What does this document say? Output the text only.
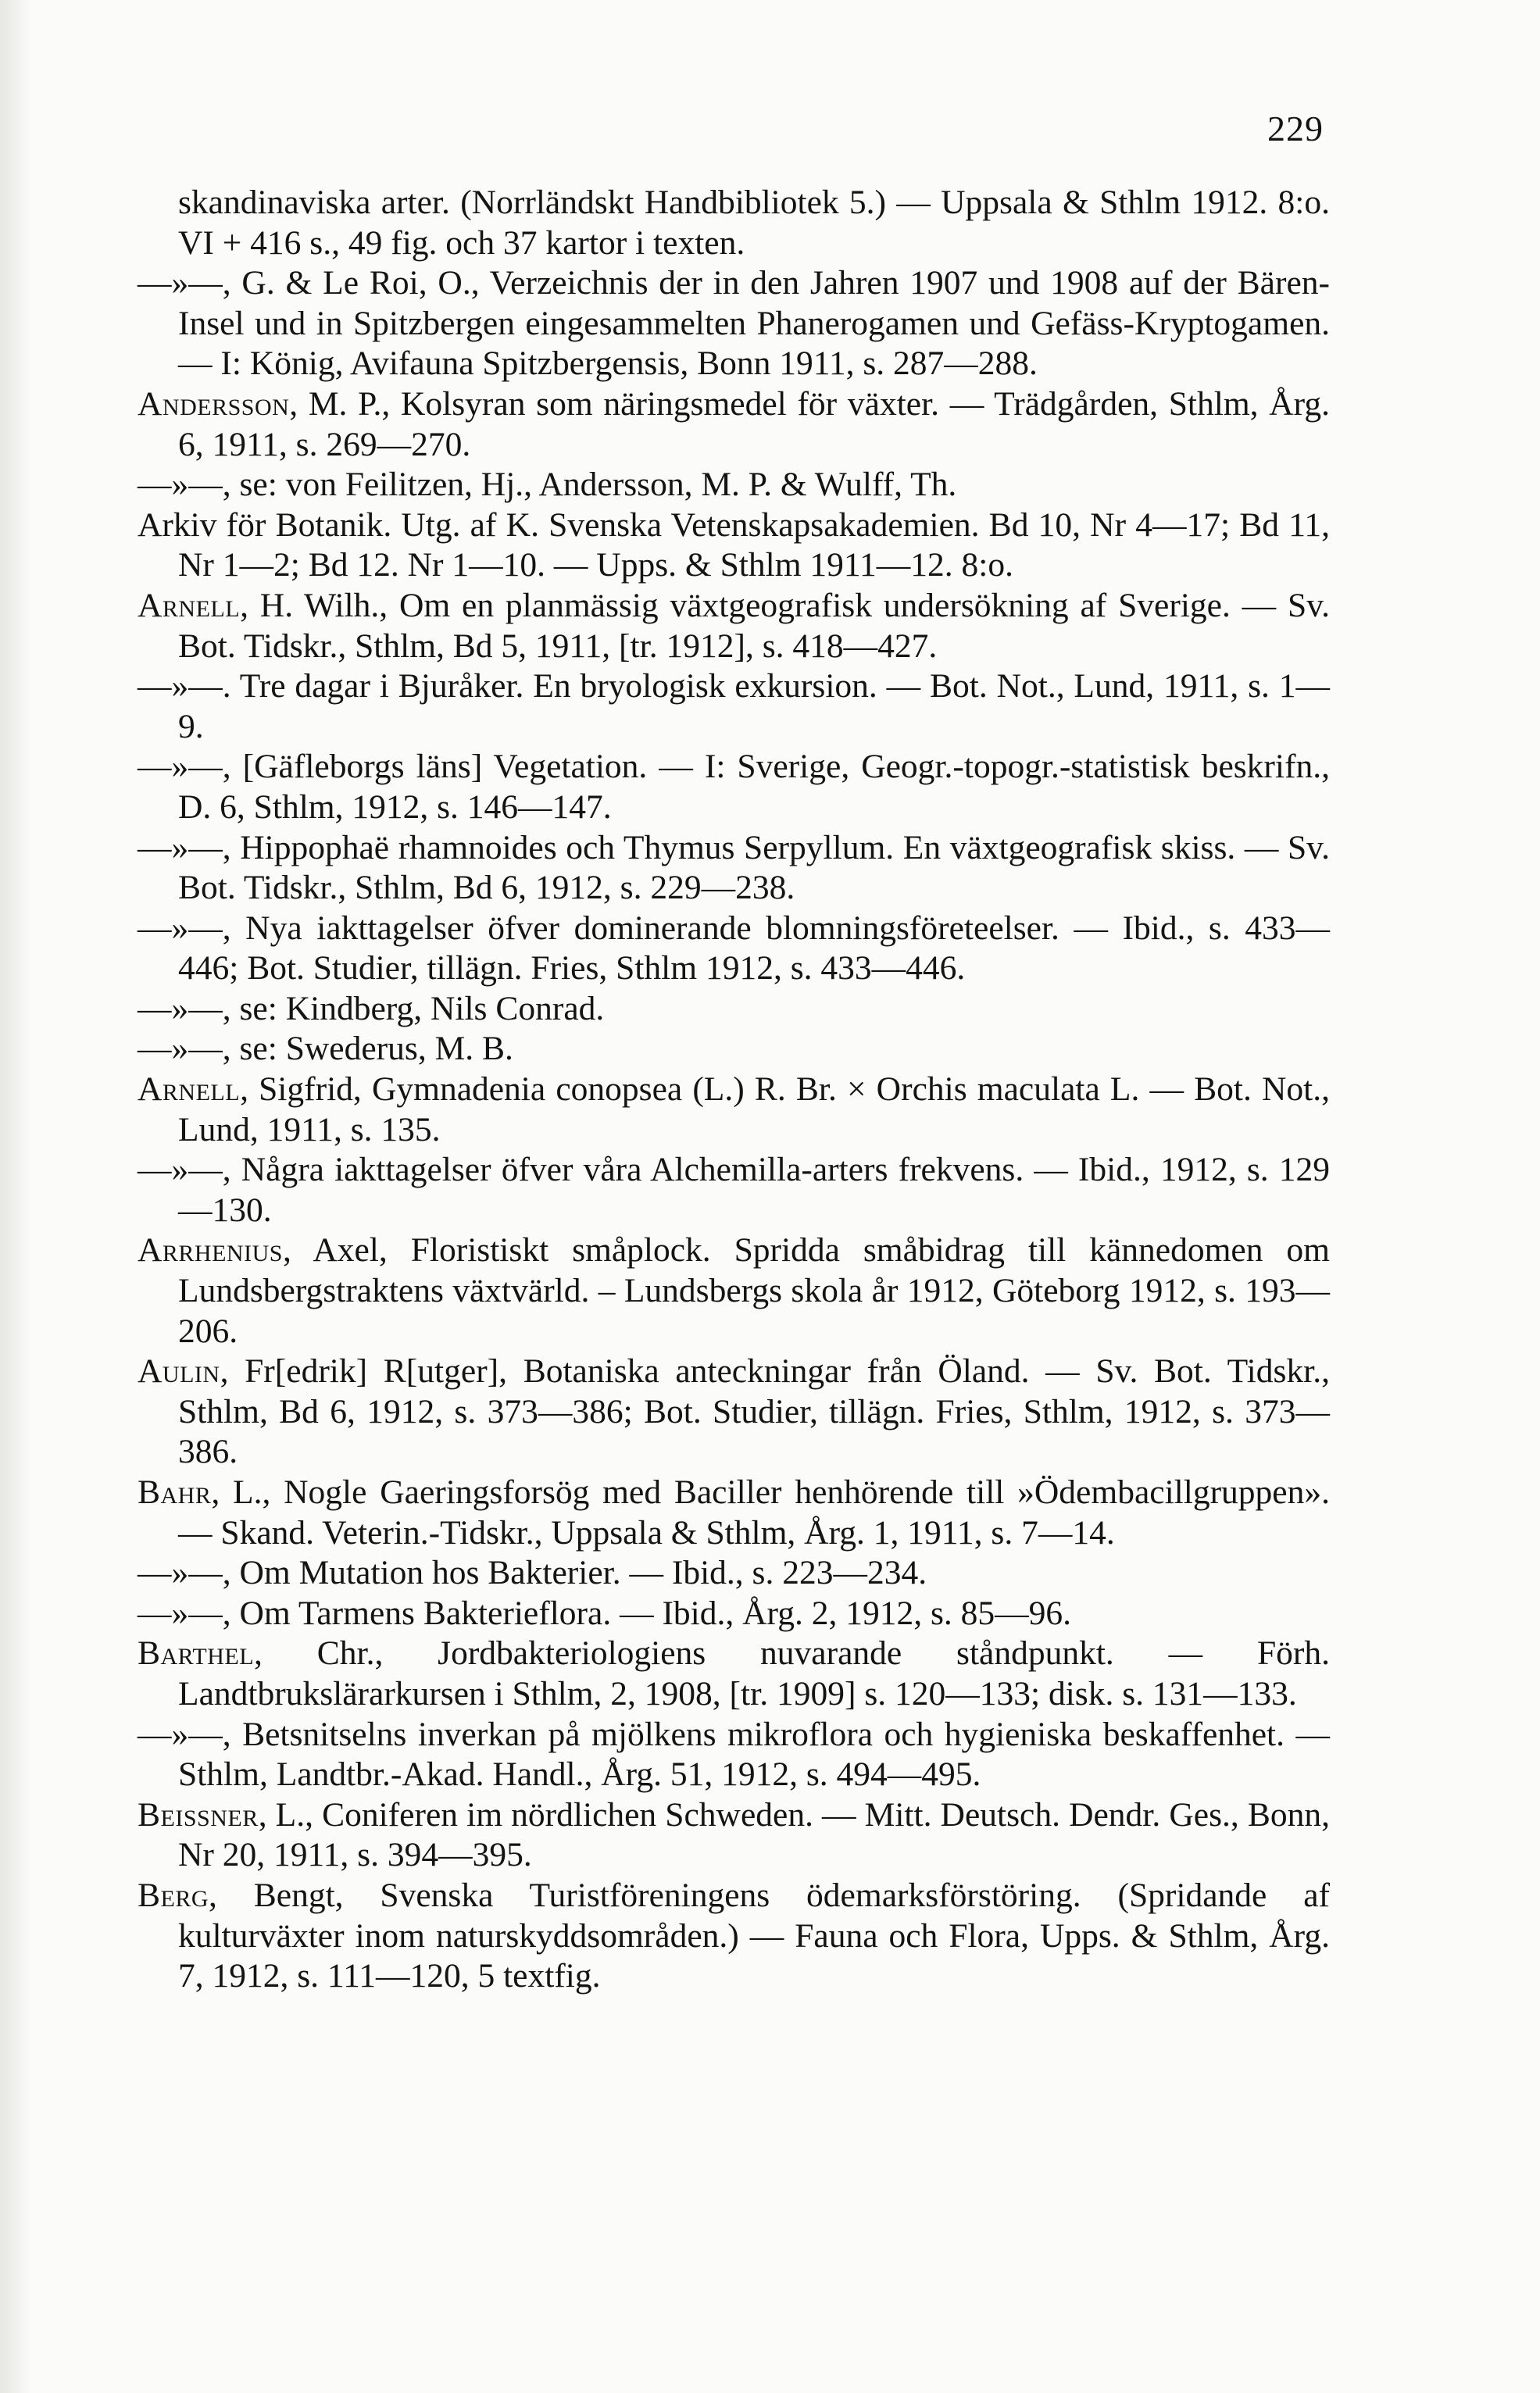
229

skandinaviska arter. (Norrländskt Handbibliotek 5.) — Uppsala & Sthlm 1912. 8:o. VI + 416 s., 49 fig. och 37 kartor i texten.

—»—, G. & Le Roi, O., Verzeichnis der in den Jahren 1907 und 1908 auf der Bären-Insel und in Spitzbergen eingesammelten Phanerogamen und Gefäss-Kryptogamen. — I: König, Avifauna Spitzbergensis, Bonn 1911, s. 287—288.

Andersson, M. P., Kolsyran som näringsmedel för växter. — Trädgården, Sthlm, Årg. 6, 1911, s. 269—270.

—»—, se: von Feilitzen, Hj., Andersson, M. P. & Wulff, Th.

Arkiv för Botanik. Utg. af K. Svenska Vetenskapsakademien. Bd 10, Nr 4—17; Bd 11, Nr 1—2; Bd 12. Nr 1—10. — Upps. & Sthlm 1911—12. 8:o.

Arnell, H. Wilh., Om en planmässig växtgeografisk undersökning af Sverige. — Sv. Bot. Tidskr., Sthlm, Bd 5, 1911, [tr. 1912], s. 418—427.

—»—. Tre dagar i Bjuråker. En bryologisk exkursion. — Bot. Not., Lund, 1911, s. 1—9.

—»—, [Gäfleborgs läns] Vegetation. — I: Sverige, Geogr.-topogr.-statistisk beskrifn., D. 6, Sthlm, 1912, s. 146—147.

—»—, Hippophaë rhamnoides och Thymus Serpyllum. En växtgeografisk skiss. — Sv. Bot. Tidskr., Sthlm, Bd 6, 1912, s. 229—238.

—»—, Nya iakttagelser öfver dominerande blomningsföreteelser. — Ibid., s. 433—446; Bot. Studier, tillägn. Fries, Sthlm 1912, s. 433—446.

—»—, se: Kindberg, Nils Conrad.

—»—, se: Swederus, M. B.

Arnell, Sigfrid, Gymnadenia conopsea (L.) R. Br. × Orchis maculata L. — Bot. Not., Lund, 1911, s. 135.

—»—, Några iakttagelser öfver våra Alchemilla-arters frekvens. — Ibid., 1912, s. 129—130.

Arrhenius, Axel, Floristiskt småplock. Spridda småbidrag till kännedomen om Lundsbergstraktens växtvärld. – Lundsbergs skola år 1912, Göteborg 1912, s. 193—206.

Aulin, Fr[edrik] R[utger], Botaniska anteckningar från Öland. — Sv. Bot. Tidskr., Sthlm, Bd 6, 1912, s. 373—386; Bot. Studier, tillägn. Fries, Sthlm, 1912, s. 373—386.

Bahr, L., Nogle Gaeringsforsög med Baciller henhörende till »Ödembacillgruppen». — Skand. Veterin.-Tidskr., Uppsala & Sthlm, Årg. 1, 1911, s. 7—14.

—»—, Om Mutation hos Bakterier. — Ibid., s. 223—234.

—»—, Om Tarmens Bakterieflora. — Ibid., Årg. 2, 1912, s. 85—96.

Barthel, Chr., Jordbakteriologiens nuvarande ståndpunkt. — Förh. Landtbrukslärarkursen i Sthlm, 2, 1908, [tr. 1909] s. 120—133; disk. s. 131—133.

—»—, Betsnitselns inverkan på mjölkens mikroflora och hygieniska beskaffenhet. — Sthlm, Landtbr.-Akad. Handl., Årg. 51, 1912, s. 494—495.

Beissner, L., Coniferen im nördlichen Schweden. — Mitt. Deutsch. Dendr. Ges., Bonn, Nr 20, 1911, s. 394—395.

Berg, Bengt, Svenska Turistföreningens ödemarksförstöring. (Spridande af kulturväxter inom naturskyddsområden.) — Fauna och Flora, Upps. & Sthlm, Årg. 7, 1912, s. 111—120, 5 textfig.
